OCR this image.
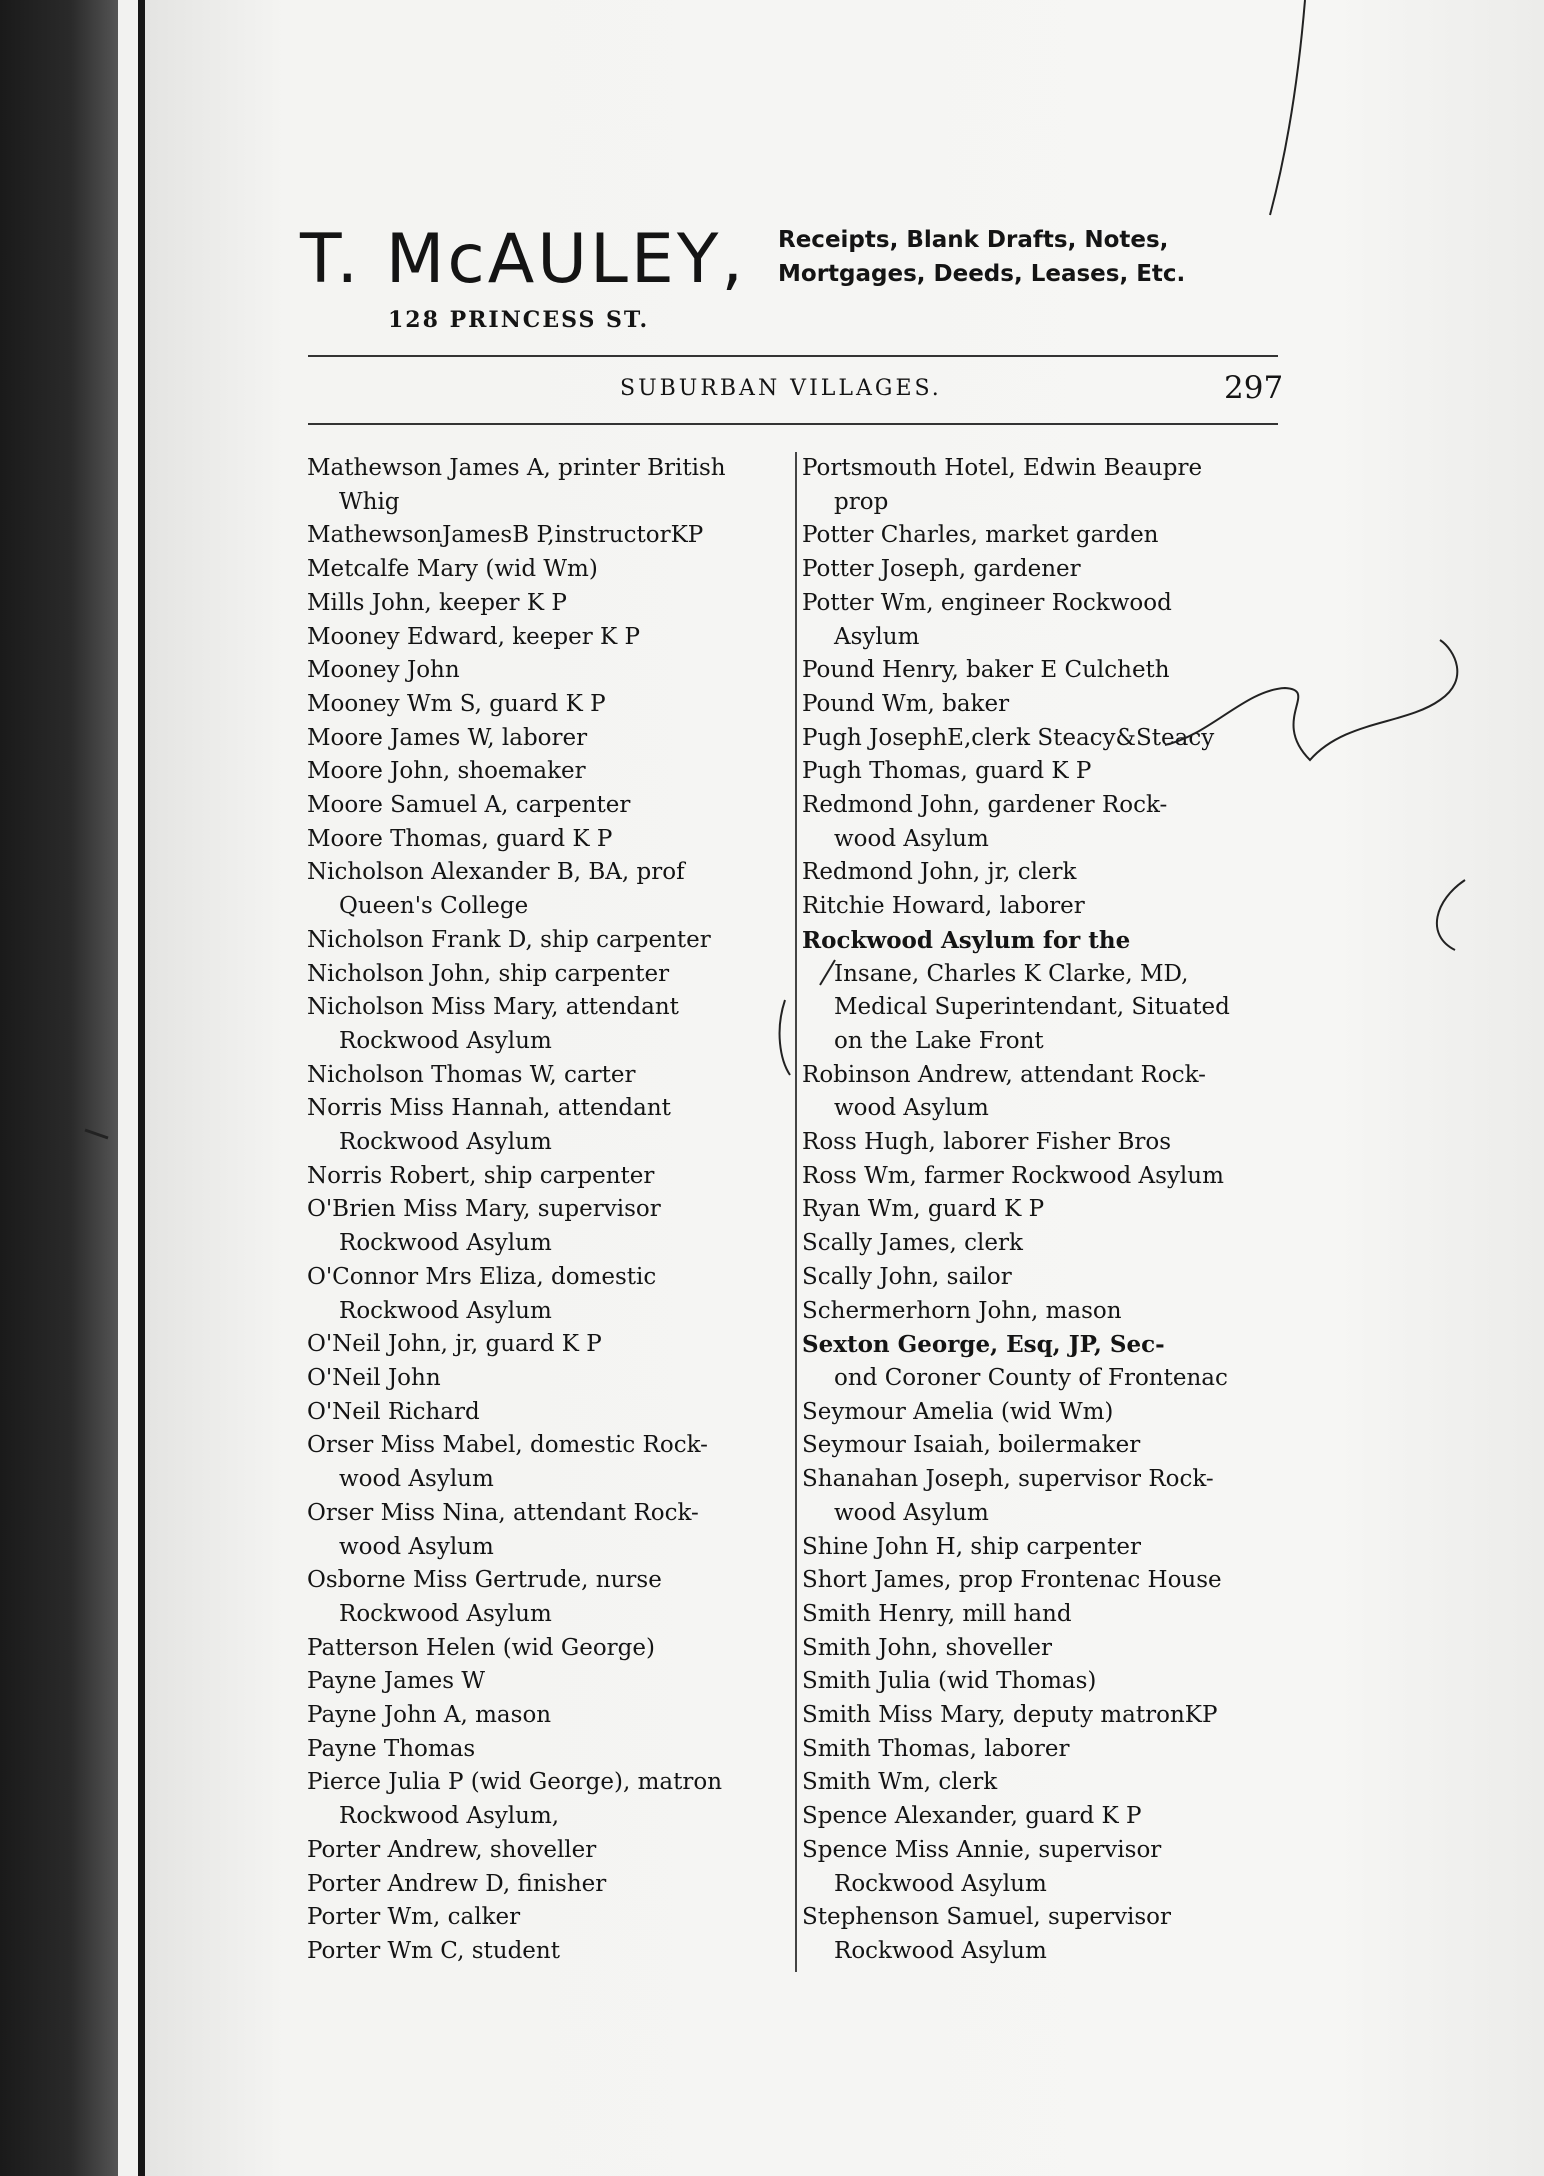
T. McAULEY,
128 PRINCESS ST.
Receipts, Blank Drafts, Notes,
Mortgages, Deeds, Leases, Etc.
SUBURBAN VILLAGES.	297
Mathewson James A, printer British
Whig
MathewsonJamesB P,instructorKP
Metcalfe Mary (wid Wm)
Mills John, keeper K P
Mooney Edward, keeper K P
Mooney John
Mooney Wm S, guard K P
Moore James W, laborer
Moore John, shoemaker
Moore Samuel A, carpenter
Moore Thomas, guard K P
Nicholson Alexander B, BA, prof
Queen's College
Nicholson Frank D, ship carpenter
Nicholson John, ship carpenter
Nicholson Miss Mary, attendant
Rockwood Asylum
Nicholson Thomas W, carter
Norris Miss Hannah, attendant
Rockwood Asylum
Norris Robert, ship carpenter
O'Brien Miss Mary, supervisor
Rockwood Asylum
O'Connor Mrs Eliza, domestic
Rockwood Asylum
O'Neil John, jr, guard K P
O'Neil John
O'Neil Richard
Orser Miss Mabel, domestic Rock-
wood Asylum
Orser Miss Nina, attendant Rock-
wood Asylum
Osborne Miss Gertrude, nurse
Rockwood Asylum
Patterson Helen (wid George)
Payne James W
Payne John A, mason
Payne Thomas
Pierce Julia P (wid George), matron
Rockwood Asylum,
Porter Andrew, shoveller
Porter Andrew D, finisher
Porter Wm, calker
Porter Wm C, student
Portsmouth Hotel, Edwin Beaupre
prop
Potter Charles, market garden
Potter Joseph, gardener
Potter Wm, engineer Rockwood
Asylum
Pound Henry, baker E Culcheth
Pound Wm, baker
Pugh JosephE,clerk Steacy&Steacy
Pugh Thomas, guard K P
Redmond John, gardener Rock-
wood Asylum
Redmond John, jr, clerk
Ritchie Howard, laborer
Rockwood Asylum for the
Insane, Charles K Clarke, MD,
Medical Superintendant, Situated
on the Lake Front
Robinson Andrew, attendant Rock-
wood Asylum
Ross Hugh, laborer Fisher Bros
Ross Wm, farmer Rockwood Asylum
Ryan Wm, guard K P
Scally James, clerk
Scally John, sailor
Schermerhorn John, mason
Sexton George, Esq, JP, Sec-
ond Coroner County of Frontenac
Seymour Amelia (wid Wm)
Seymour Isaiah, boilermaker
Shanahan Joseph, supervisor Rock-
wood Asylum
Shine John H, ship carpenter
Short James, prop Frontenac House
Smith Henry, mill hand
Smith John, shoveller
Smith Julia (wid Thomas)
Smith Miss Mary, deputy matronKP
Smith Thomas, laborer
Smith Wm, clerk
Spence Alexander, guard K P
Spence Miss Annie, supervisor
Rockwood Asylum
Stephenson Samuel, supervisor
Rockwood Asylum
